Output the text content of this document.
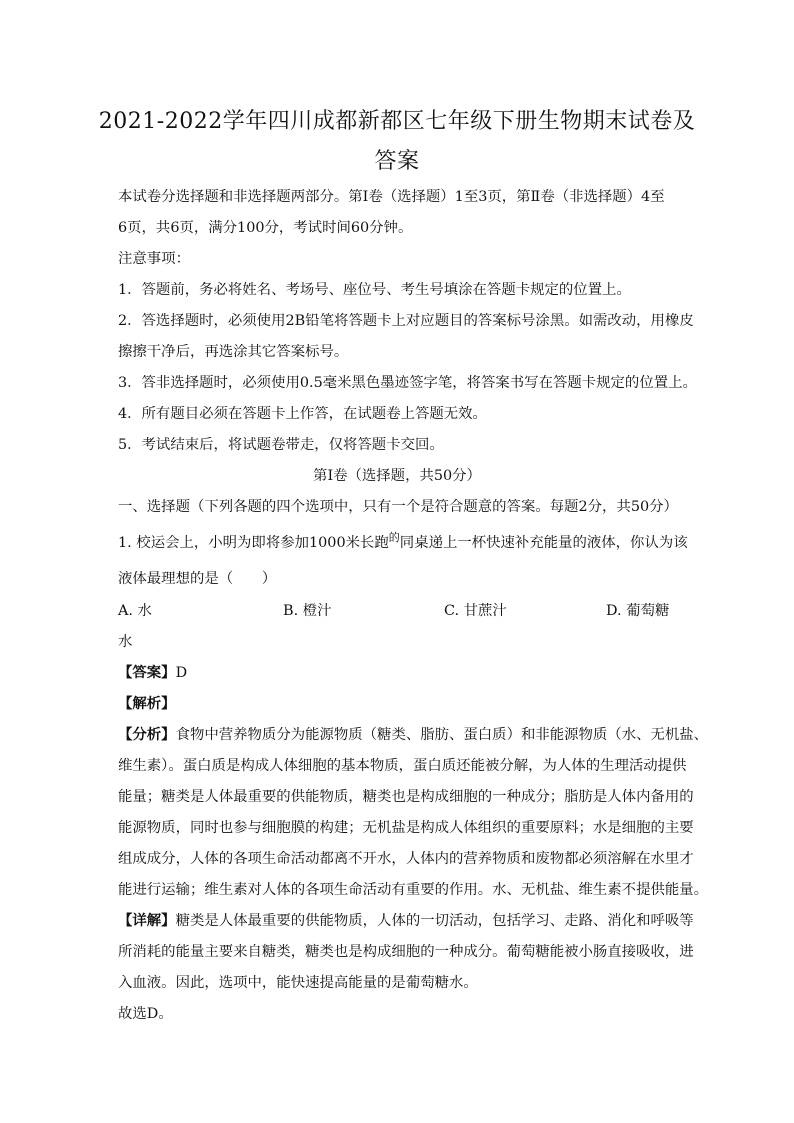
2021-2022学年四川成都新都区七年级下册生物期末试卷及
答案
本试卷分选择题和非选择题两部分。第Ⅰ卷（选择题）1至3页，第Ⅱ卷（非选择题）4至
6页，共6页，满分100分，考试时间60分钟。
注意事项：
1．答题前，务必将姓名、考场号、座位号、考生号填涂在答题卡规定的位置上。
2．答选择题时，必须使用2B铅笔将答题卡上对应题目的答案标号涂黑。如需改动，用橡皮
擦擦干净后，再选涂其它答案标号。
3．答非选择题时，必须使用0.5毫米黑色墨迹签字笔，将答案书写在答题卡规定的位置上。
4．所有题目必须在答题卡上作答，在试题卷上答题无效。
5．考试结束后，将试题卷带走，仅将答题卡交回。
第Ⅰ卷（选择题，共50分）
一、选择题（下列各题的四个选项中，只有一个是符合题意的答案。每题2分，共50分）
1. 校运会上，小明为即将参加1000米长跑$^的$同桌递上一杯快速补充能量的液体，你认为该
液体最理想的是（　　）
A. 水	B. 橙汁	C. 甘蔗汁	D. 葡萄糖
水
【答案】D
【解析】
【分析】食物中营养物质分为能源物质（糖类、脂肪、蛋白质）和非能源物质（水、无机盐、
维生素）。蛋白质是构成人体细胞的基本物质，蛋白质还能被分解，为人体的生理活动提供
能量；糖类是人体最重要的供能物质，糖类也是构成细胞的一种成分；脂肪是人体内备用的
能源物质，同时也参与细胞膜的构建；无机盐是构成人体组织的重要原料；水是细胞的主要
组成成分，人体的各项生命活动都离不开水，人体内的营养物质和废物都必须溶解在水里才
能进行运输；维生素对人体的各项生命活动有重要的作用。水、无机盐、维生素不提供能量。
【详解】糖类是人体最重要的供能物质，人体的一切活动，包括学习、走路、消化和呼吸等
所消耗的能量主要来自糖类，糖类也是构成细胞的一种成分。葡萄糖能被小肠直接吸收，进
入血液。因此，选项中，能快速提高能量的是葡萄糖水。
故选D。
